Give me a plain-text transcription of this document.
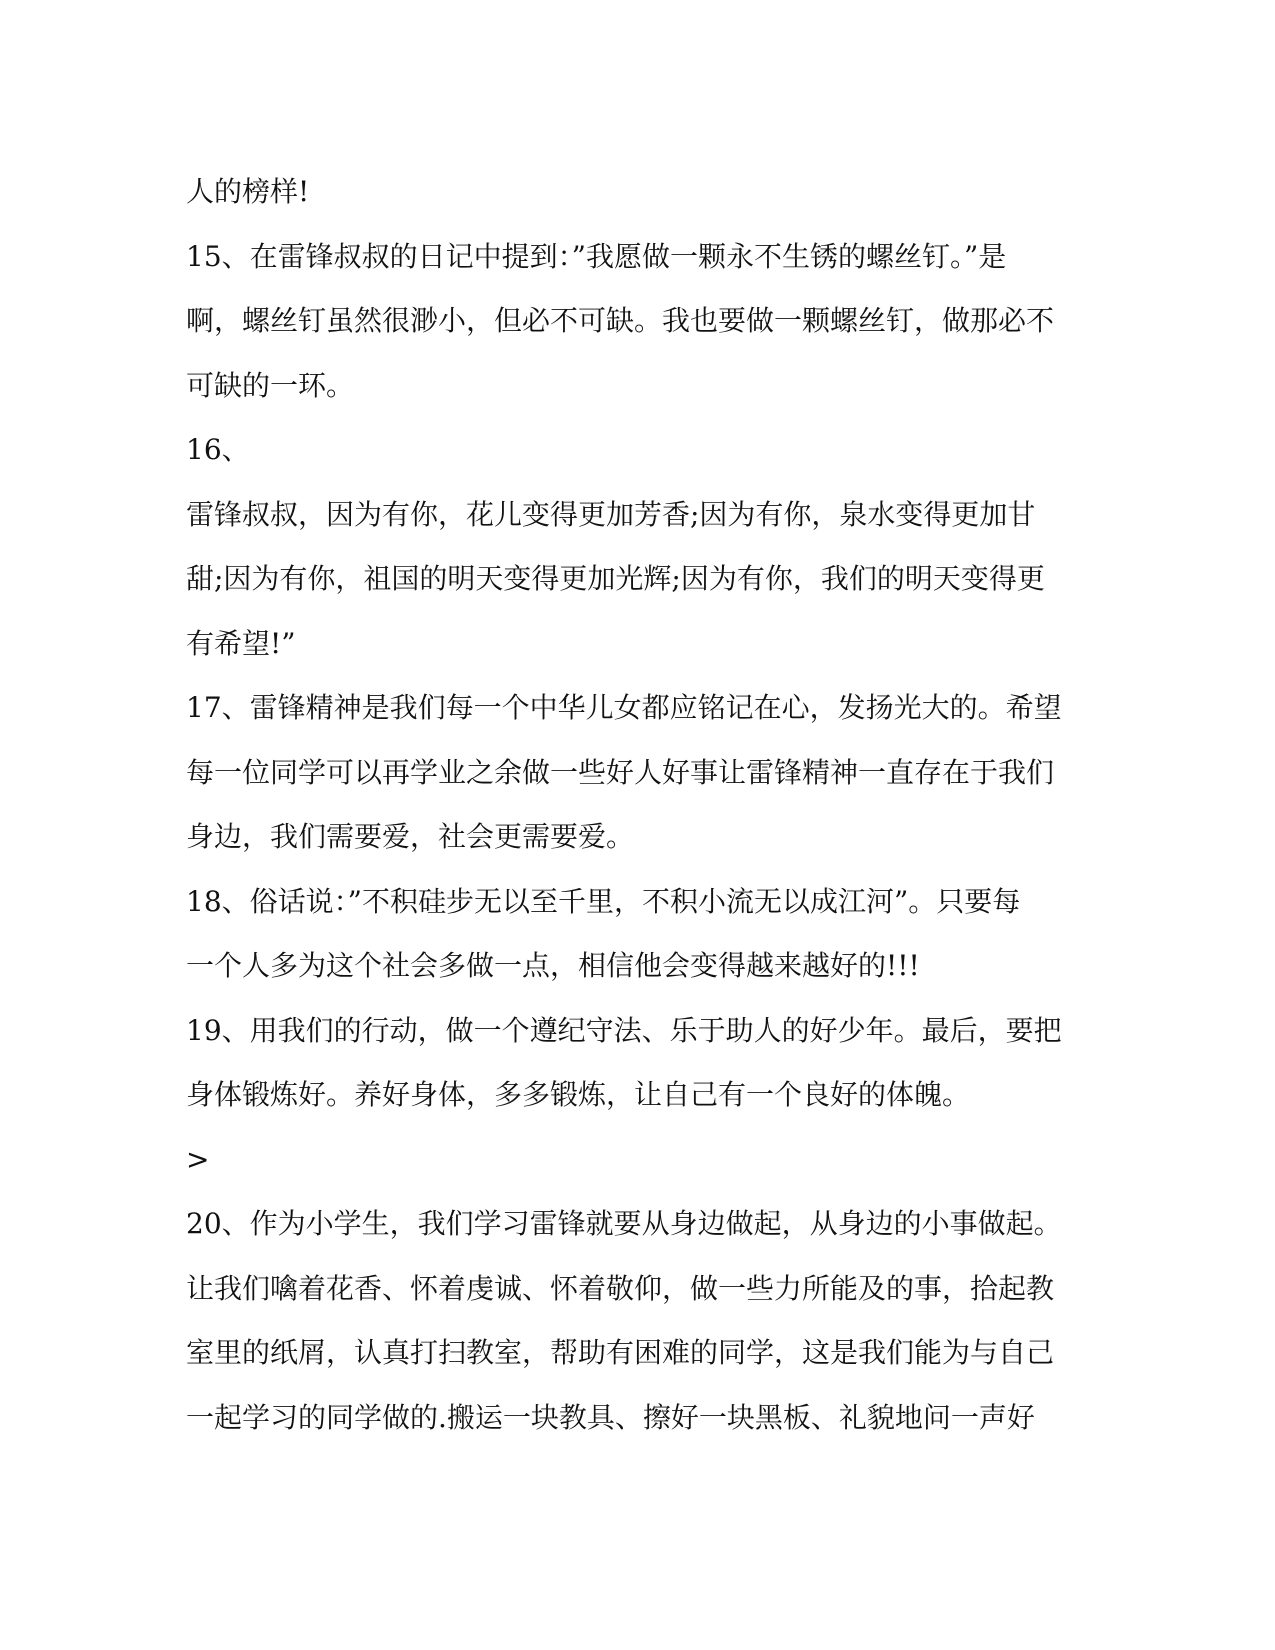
人的榜样!
15、在雷锋叔叔的日记中提到：”我愿做一颗永不生锈的螺丝钉。”是
啊，螺丝钉虽然很渺小，但必不可缺。我也要做一颗螺丝钉，做那必不
可缺的一环。
16、
雷锋叔叔，因为有你，花儿变得更加芳香;因为有你，泉水变得更加甘
甜;因为有你，祖国的明天变得更加光辉;因为有你，我们的明天变得更
有希望!”
17、雷锋精神是我们每一个中华儿女都应铭记在心，发扬光大的。希望
每一位同学可以再学业之余做一些好人好事让雷锋精神一直存在于我们
身边，我们需要爱，社会更需要爱。
18、俗话说：”不积硅步无以至千里，不积小流无以成江河”。只要每
一个人多为这个社会多做一点，相信他会变得越来越好的!!!
19、用我们的行动，做一个遵纪守法、乐于助人的好少年。最后，要把
身体锻炼好。养好身体，多多锻炼，让自己有一个良好的体魄。
>
20、作为小学生，我们学习雷锋就要从身边做起，从身边的小事做起。
让我们噙着花香、怀着虔诚、怀着敬仰，做一些力所能及的事，拾起教
室里的纸屑，认真打扫教室，帮助有困难的同学，这是我们能为与自己
一起学习的同学做的.搬运一块教具、擦好一块黑板、礼貌地问一声好
